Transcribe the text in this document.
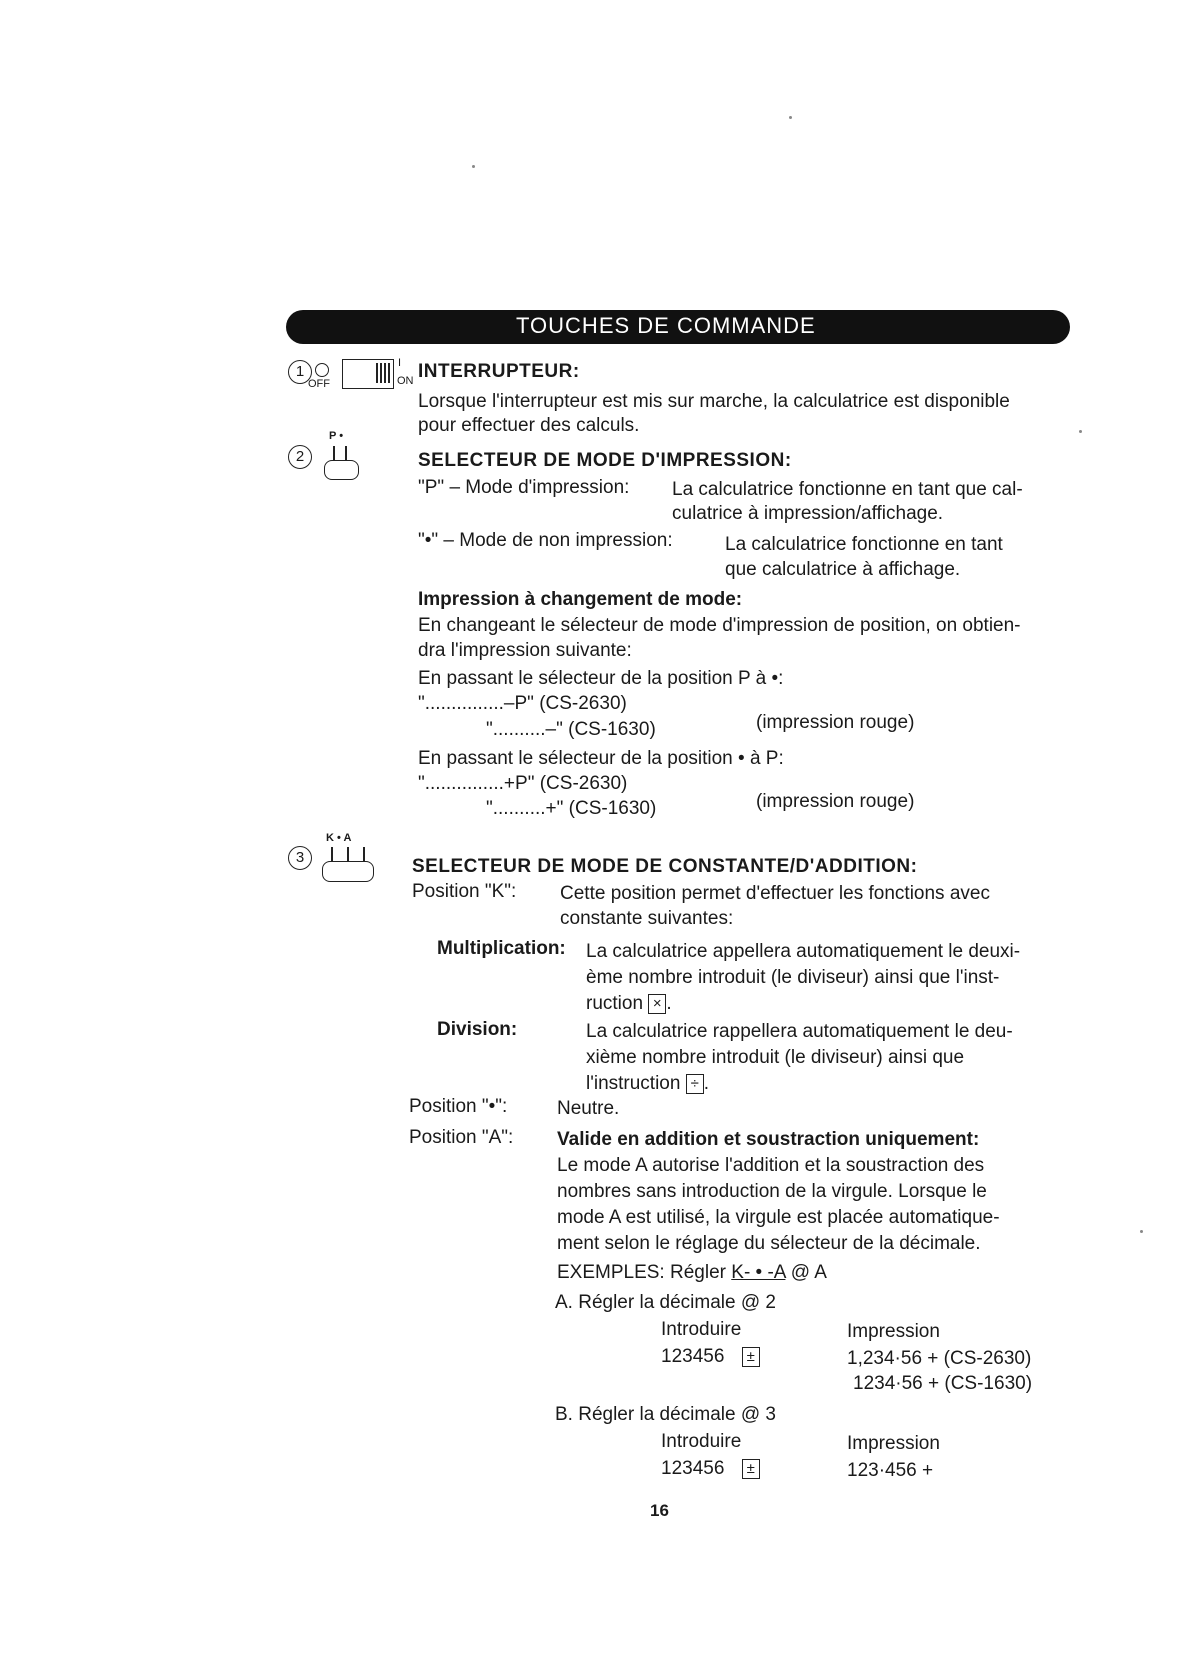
TOUCHES DE COMMANDE
1
OFF
I
ON INTERRUPTEUR:
Lorsque l'interrupteur est mis sur marche, la calculatrice est disponible
pour effectuer des calculs.
2
P •
SELECTEUR DE MODE D'IMPRESSION:
"P" – Mode d'impression: La calculatrice fonctionne en tant que cal-
culatrice à impression/affichage.
"•" – Mode de non impression:	La calculatrice fonctionne en tant
que calculatrice à affichage.
Impression à changement de mode:
En changeant le sélecteur de mode d'impression de position, on obtien-
dra l'impression suivante:
En passant le sélecteur de la position P à •:
"...............–P" (CS-2630)
"..........–" (CS-1630)	(impression rouge)
En passant le sélecteur de la position • à P:
"...............+P" (CS-2630)
"..........+" (CS-1630)	(impression rouge)
3
K • A
SELECTEUR DE MODE DE CONSTANTE/D'ADDITION:
Position "K": Cette position permet d'effectuer les fonctions avec
constante suivantes:
Multiplication: La calculatrice appellera automatiquement le deuxi-
ème nombre introduit (le diviseur) ainsi que l'inst-
ruction × .
Division:	La calculatrice rappellera automatiquement le deu-
xième nombre introduit (le diviseur) ainsi que
l'instruction ÷ .
Position "•":	Neutre.
Position "A": Valide en addition et soustraction uniquement:
Le mode A autorise l'addition et la soustraction des
nombres sans introduction de la virgule. Lorsque le
mode A est utilisé, la virgule est placée automatique-
ment selon le réglage du sélecteur de la décimale.
EXEMPLES: Régler K- • -A @ A
A. Régler la décimale @ 2
Introduire	Impression
123456 ±	1,234·56 + (CS-2630)
1234·56 + (CS-1630)
B. Régler la décimale @ 3
Introduire	Impression
123456 ±	123·456 +
16
